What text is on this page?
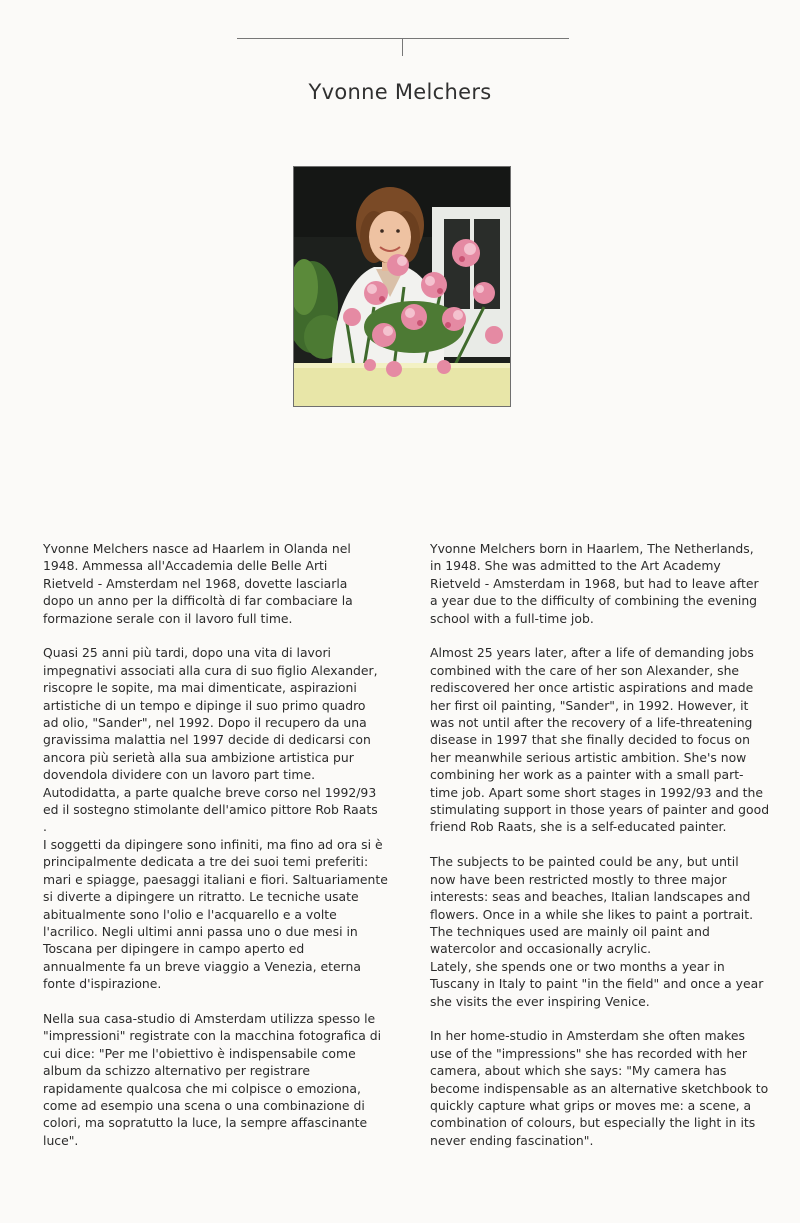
Yvonne Melchers

Yvonne Melchers nasce ad Haarlem in Olanda nel
1948. Ammessa all'Accademia delle Belle Arti
Rietveld - Amsterdam nel 1968, dovette lasciarla
dopo un anno per la difficoltà di far combaciare la
formazione serale con il lavoro full time.

Quasi 25 anni più tardi, dopo una vita di lavori
impegnativi associati alla cura di suo figlio Alexander,
riscopre le sopite, ma mai dimenticate, aspirazioni
artistiche di un tempo e dipinge il suo primo quadro
ad olio, "Sander", nel 1992. Dopo il recupero da una
gravissima malattia nel 1997 decide di dedicarsi con
ancora più serietà alla sua ambizione artistica pur
dovendola dividere con un lavoro part time.
Autodidatta, a parte qualche breve corso nel 1992/93
ed il sostegno stimolante dell'amico pittore Rob Raats
.
I soggetti da dipingere sono infiniti, ma fino ad ora si è
principalmente dedicata a tre dei suoi temi preferiti:
mari e spiagge, paesaggi italiani e fiori. Saltuariamente
si diverte a dipingere un ritratto. Le tecniche usate
abitualmente sono l'olio e l'acquarello e a volte
l'acrilico. Negli ultimi anni passa uno o due mesi in
Toscana per dipingere in campo aperto ed
annualmente fa un breve viaggio a Venezia, eterna
fonte d'ispirazione.

Nella sua casa-studio di Amsterdam utilizza spesso le
"impressioni" registrate con la macchina fotografica di
cui dice: "Per me l'obiettivo è indispensabile come
album da schizzo alternativo per registrare
rapidamente qualcosa che mi colpisce o emoziona,
come ad esempio una scena o una combinazione di
colori, ma sopratutto la luce, la sempre affascinante
luce".

Yvonne Melchers born in Haarlem, The Netherlands,
in 1948. She was admitted to the Art Academy
Rietveld - Amsterdam in 1968, but had to leave after
a year due to the difficulty of combining the evening
school with a full-time job.

Almost 25 years later, after a life of demanding jobs
combined with the care of her son Alexander, she
rediscovered her once artistic aspirations and made
her first oil painting, "Sander", in 1992. However, it
was not until after the recovery of a life-threatening
disease in 1997 that she finally decided to focus on
her meanwhile serious artistic ambition. She's now
combining her work as a painter with a small part-
time job. Apart some short stages in 1992/93 and the
stimulating support in those years of painter and good
friend Rob Raats, she is a self-educated painter.

The subjects to be painted could be any, but until
now have been restricted mostly to three major
interests: seas and beaches, Italian landscapes and
flowers. Once in a while she likes to paint a portrait.
The techniques used are mainly oil paint and
watercolor and occasionally acrylic.
Lately, she spends one or two months a year in
Tuscany in Italy to paint "in the field" and once a year
she visits the ever inspiring Venice.

In her home-studio in Amsterdam she often makes
use of the "impressions" she has recorded with her
camera, about which she says: "My camera has
become indispensable as an alternative sketchbook to
quickly capture what grips or moves me: a scene, a
combination of colours, but especially the light in its
never ending fascination".
